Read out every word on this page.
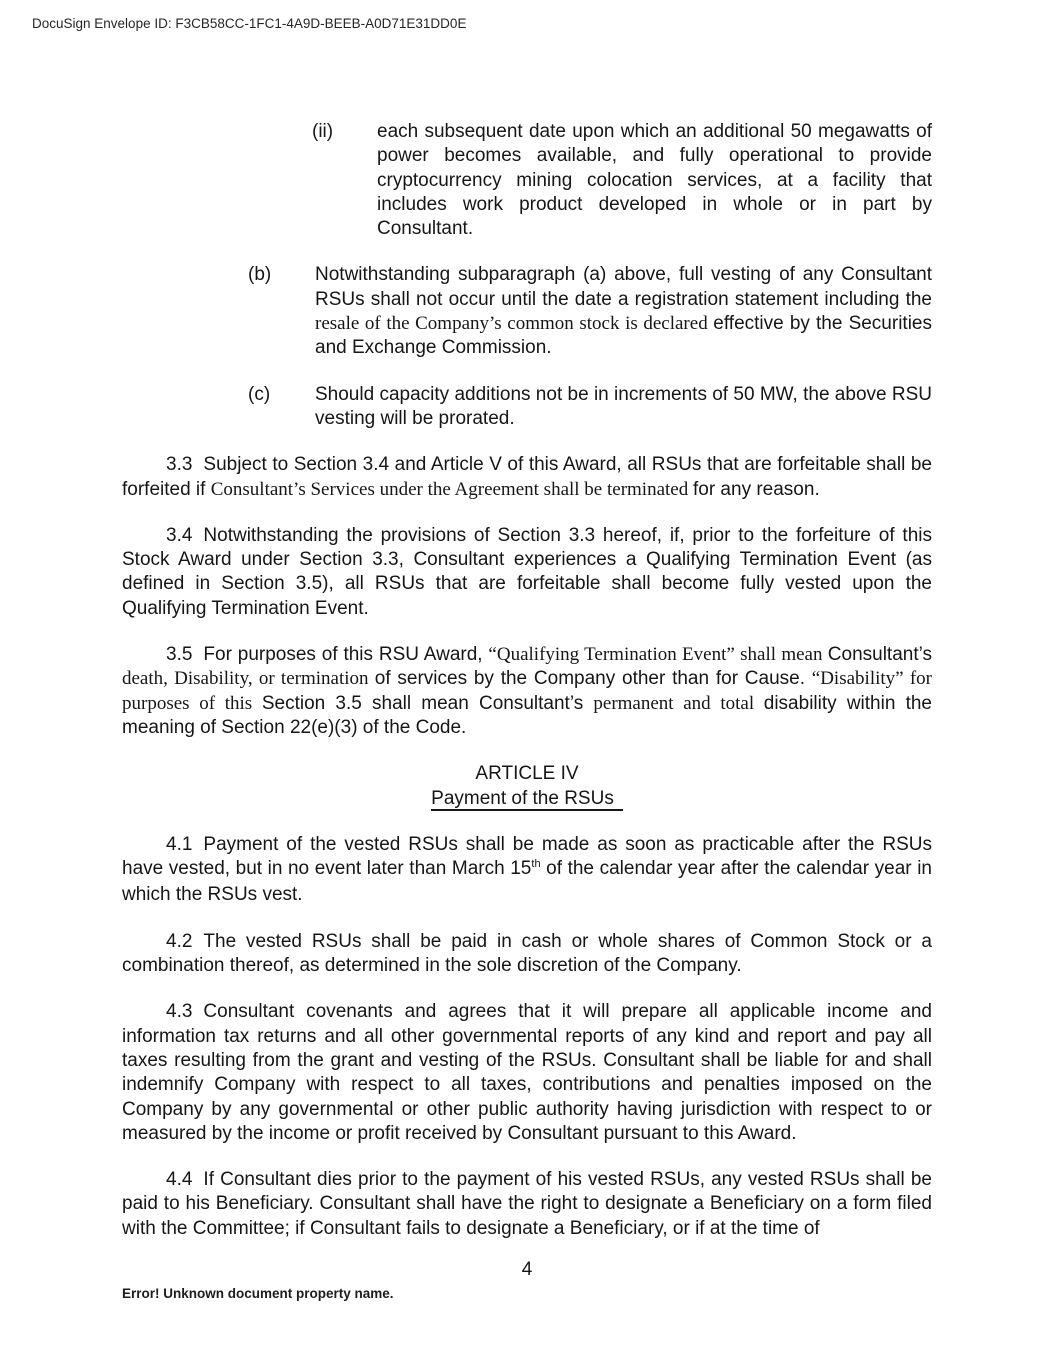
DocuSign Envelope ID: F3CB58CC-1FC1-4A9D-BEEB-A0D71E31DD0E
(ii) each subsequent date upon which an additional 50 megawatts of power becomes available, and fully operational to provide cryptocurrency mining colocation services, at a facility that includes work product developed in whole or in part by Consultant.
(b) Notwithstanding subparagraph (a) above, full vesting of any Consultant RSUs shall not occur until the date a registration statement including the resale of the Company’s common stock is declared effective by the Securities and Exchange Commission.
(c) Should capacity additions not be in increments of 50 MW, the above RSU vesting will be prorated.
3.3 Subject to Section 3.4 and Article V of this Award, all RSUs that are forfeitable shall be forfeited if Consultant’s Services under the Agreement shall be terminated for any reason.
3.4 Notwithstanding the provisions of Section 3.3 hereof, if, prior to the forfeiture of this Stock Award under Section 3.3, Consultant experiences a Qualifying Termination Event (as defined in Section 3.5), all RSUs that are forfeitable shall become fully vested upon the Qualifying Termination Event.
3.5 For purposes of this RSU Award, “Qualifying Termination Event” shall mean Consultant’s death, Disability, or termination of services by the Company other than for Cause. “Disability” for purposes of this Section 3.5 shall mean Consultant’s permanent and total disability within the meaning of Section 22(e)(3) of the Code.
ARTICLE IV
Payment of the RSUs
4.1 Payment of the vested RSUs shall be made as soon as practicable after the RSUs have vested, but in no event later than March 15th of the calendar year after the calendar year in which the RSUs vest.
4.2 The vested RSUs shall be paid in cash or whole shares of Common Stock or a combination thereof, as determined in the sole discretion of the Company.
4.3 Consultant covenants and agrees that it will prepare all applicable income and information tax returns and all other governmental reports of any kind and report and pay all taxes resulting from the grant and vesting of the RSUs. Consultant shall be liable for and shall indemnify Company with respect to all taxes, contributions and penalties imposed on the Company by any governmental or other public authority having jurisdiction with respect to or measured by the income or profit received by Consultant pursuant to this Award.
4.4 If Consultant dies prior to the payment of his vested RSUs, any vested RSUs shall be paid to his Beneficiary. Consultant shall have the right to designate a Beneficiary on a form filed with the Committee; if Consultant fails to designate a Beneficiary, or if at the time of
4
Error! Unknown document property name.
